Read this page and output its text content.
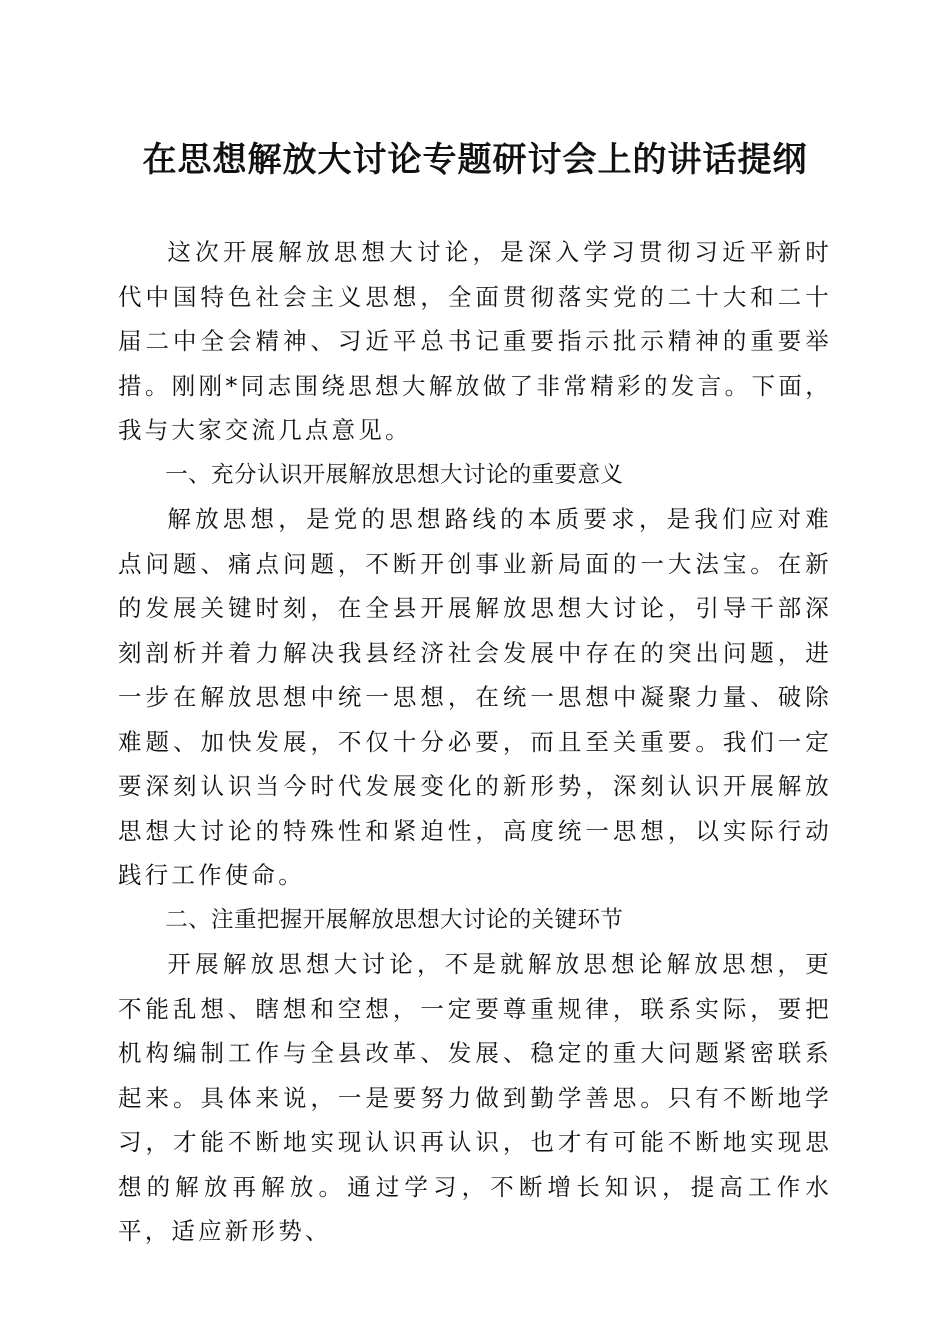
在思想解放大讨论专题研讨会上的讲话提纲

这次开展解放思想大讨论，是深入学习贯彻习近平新时代中国特色社会主义思想，全面贯彻落实党的二十大和二十届二中全会精神、习近平总书记重要指示批示精神的重要举措。刚刚*同志围绕思想大解放做了非常精彩的发言。下面，我与大家交流几点意见。

一、充分认识开展解放思想大讨论的重要意义

解放思想，是党的思想路线的本质要求，是我们应对难点问题、痛点问题，不断开创事业新局面的一大法宝。在新的发展关键时刻，在全县开展解放思想大讨论，引导干部深刻剖析并着力解决我县经济社会发展中存在的突出问题，进一步在解放思想中统一思想，在统一思想中凝聚力量、破除难题、加快发展，不仅十分必要，而且至关重要。我们一定要深刻认识当今时代发展变化的新形势，深刻认识开展解放思想大讨论的特殊性和紧迫性，高度统一思想，以实际行动践行工作使命。

二、注重把握开展解放思想大讨论的关键环节

开展解放思想大讨论，不是就解放思想论解放思想，更不能乱想、瞎想和空想，一定要尊重规律，联系实际，要把机构编制工作与全县改革、发展、稳定的重大问题紧密联系起来。具体来说，一是要努力做到勤学善思。只有不断地学习，才能不断地实现认识再认识，也才有可能不断地实现思想的解放再解放。通过学习，不断增长知识，提高工作水平，适应新形势、
